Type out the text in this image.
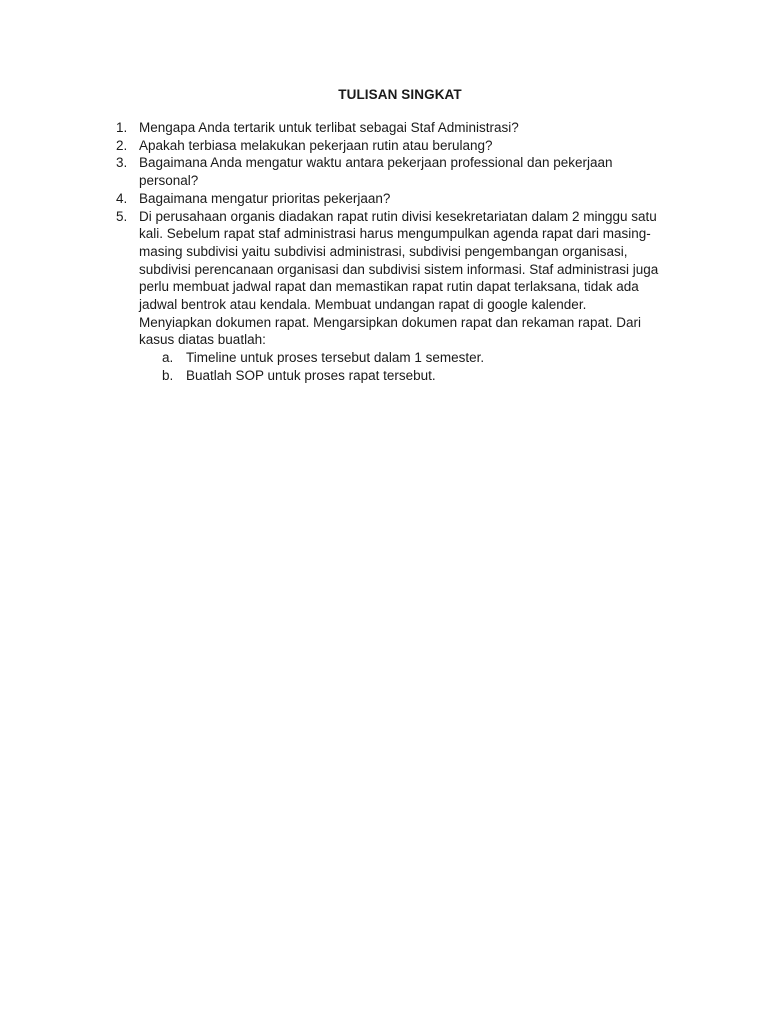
TULISAN SINGKAT
1. Mengapa Anda tertarik untuk terlibat sebagai Staf Administrasi?
2. Apakah terbiasa melakukan pekerjaan rutin atau berulang?
3. Bagaimana Anda mengatur waktu antara pekerjaan professional dan pekerjaan personal?
4. Bagaimana mengatur prioritas pekerjaan?
5. Di perusahaan organis diadakan rapat rutin divisi kesekretariatan dalam 2 minggu satu kali. Sebelum rapat staf administrasi harus mengumpulkan agenda rapat dari masing-masing subdivisi yaitu subdivisi administrasi, subdivisi pengembangan organisasi, subdivisi perencanaan organisasi dan subdivisi sistem informasi. Staf administrasi juga perlu membuat jadwal rapat dan memastikan rapat rutin dapat terlaksana, tidak ada jadwal bentrok atau kendala. Membuat undangan rapat di google kalender. Menyiapkan dokumen rapat. Mengarsipkan dokumen rapat dan rekaman rapat. Dari kasus diatas buatlah:
a. Timeline untuk proses tersebut dalam 1 semester.
b. Buatlah SOP untuk proses rapat tersebut.
